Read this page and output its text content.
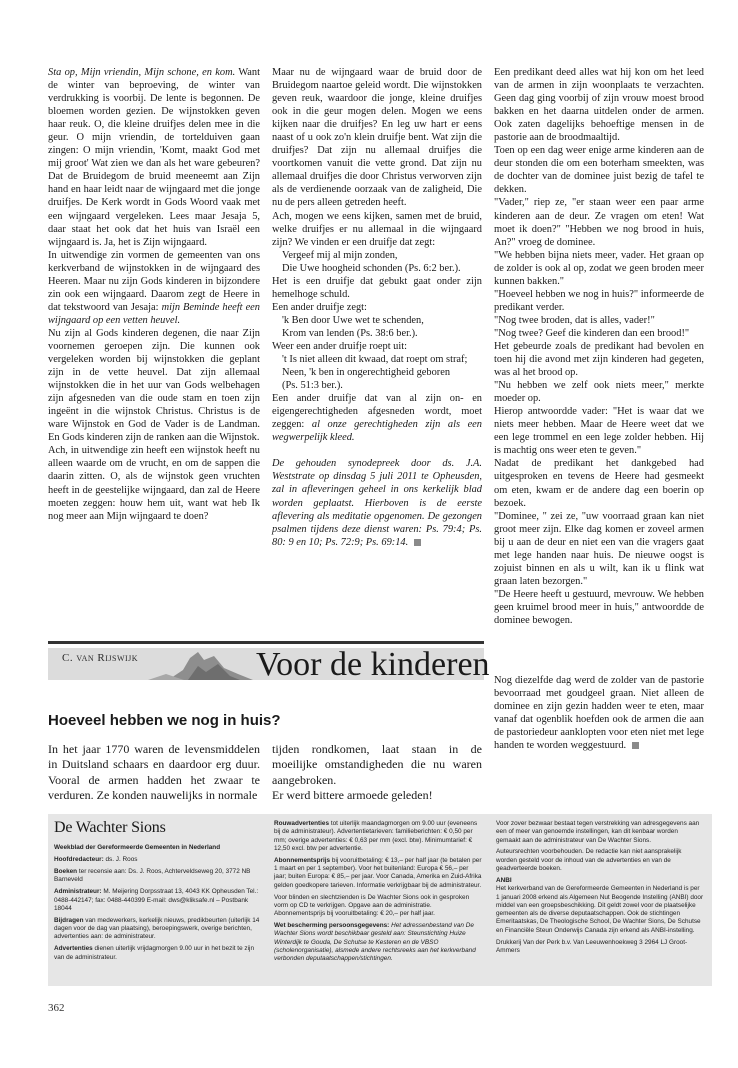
Sta op, Mijn vriendin, Mijn schone, en kom. Want de winter van beproeving, de winter van verdrukking is voorbij. De lente is begonnen. De bloemen worden gezien. De wijnstokken geven haar reuk. O, die kleine druifjes delen mee in die geur. O mijn vriendin, de tortelduiven gaan zingen: O mijn vriendin, 'Komt, maakt God met mij groot' Wat zien we dan als het ware gebeuren? Dat de Bruidegom de bruid meeneemt aan Zijn hand en haar leidt naar de wijngaard met die jonge druifjes. De Kerk wordt in Gods Woord vaak met een wijngaard vergeleken. Lees maar Jesaja 5, daar staat het ook dat het huis van Israël een wijngaard is. Ja, het is Zijn wijngaard.

In uitwendige zin vormen de gemeenten van ons kerkverband de wijnstokken in de wijngaard des Heeren. Maar nu zijn Gods kinderen in bijzondere zin ook een wijngaard. Daarom zegt de Heere in dat tekstwoord van Jesaja: mijn Beminde heeft een wijngaard op een vetten heuvel.

Nu zijn al Gods kinderen degenen, die naar Zijn voornemen geroepen zijn. Die kunnen ook vergeleken worden bij wijnstokken die geplant zijn in de vette heuvel. Dat zijn allemaal wijnstokken die in het uur van Gods welbehagen zijn afgesneden van die oude stam en toen zijn ingeënt in die wijnstok Christus. Christus is de ware Wijnstok en God de Vader is de Landman. En Gods kinderen zijn de ranken aan die Wijnstok.

Ach, in uitwendige zin heeft een wijnstok heeft nu alleen waarde om de vrucht, en om de sappen die daarin zitten. O, als de wijnstok geen vruchten heeft in de geestelijke wijngaard, dan zal de Heere moeten zeggen: houw hem uit, want wat heb Ik nog meer aan Mijn wijngaard te doen?

Maar nu de wijngaard waar de bruid door de Bruidegom naartoe geleid wordt. Die wijnstokken geven reuk, waardoor die jonge, kleine druifjes ook in die geur mogen delen. Mogen we eens kijken naar die druifjes? En leg uw hart er eens naast of u ook zo'n klein druifje bent. Wat zijn die druifjes? Dat zijn nu allemaal druifjes die voortkomen vanuit die vette grond. Dat zijn nu allemaal druifjes die door Christus verworven zijn als de verdienende oorzaak van de zaligheid, Die nu de pers alleen getreden heeft.

Ach, mogen we eens kijken, samen met de bruid, welke druifjes er nu allemaal in die wijngaard zijn? We vinden er een druifje dat zegt:

Vergeef mij al mijn zonden,

Die Uwe hoogheid schonden (Ps. 6:2 ber.).

Het is een druifje dat gebukt gaat onder zijn hemelhoge schuld.

Een ander druifje zegt:

'k Ben door Uwe wet te schenden,

Krom van lenden (Ps. 38:6 ber.).

Weer een ander druifje roept uit:

't Is niet alleen dit kwaad, dat roept om straf;

Neen, 'k ben in ongerechtigheid geboren

(Ps. 51:3 ber.).

Een ander druifje dat van al zijn on- en eigengerechtigheden afgesneden wordt, moet zeggen: al onze gerechtigheden zijn als een wegwerpelijk kleed.

De gehouden synodepreek door ds. J.A. Weststrate op dinsdag 5 juli 2011 te Opheusden, zal in afleveringen geheel in ons kerkelijk blad worden geplaatst. Hierboven is de eerste aflevering als meditatie opgenomen. De gezongen psalmen tijdens deze dienst waren: Ps. 79:4; Ps. 80: 9 en 10; Ps. 72:9; Ps. 69:14.

Een predikant deed alles wat hij kon om het leed van de armen in zijn woonplaats te verzachten. Geen dag ging voorbij of zijn vrouw moest brood bakken en het daarna uitdelen onder de armen. Ook zaten dagelijks behoeftige mensen in de pastorie aan de broodmaaltijd.

Toen op een dag weer enige arme kinderen aan de deur stonden die om een boterham smeekten, was de dochter van de dominee juist bezig de tafel te dekken.

"Vader," riep ze, "er staan weer een paar arme kinderen aan de deur. Ze vragen om eten! Wat moet ik doen?" "Hebben we nog brood in huis, An?" vroeg de dominee.

"We hebben bijna niets meer, vader. Het graan op de zolder is ook al op, zodat we geen broden meer kunnen bakken."

"Hoeveel hebben we nog in huis?" informeerde de predikant verder.

"Nog twee broden, dat is alles, vader!"

"Nog twee? Geef die kinderen dan een brood!"

Het gebeurde zoals de predikant had bevolen en toen hij die avond met zijn kinderen had gegeten, was al het brood op.

"Nu hebben we zelf ook niets meer," merkte moeder op.

Hierop antwoordde vader: "Het is waar dat we niets meer hebben. Maar de Heere weet dat we een lege trommel en een lege zolder hebben. Hij is machtig ons weer eten te geven."

Nadat de predikant het dankgebed had uitgesproken en tevens de Heere had gesmeekt om eten, kwam er de andere dag een boerin op bezoek.

"Dominee, " zei ze, "uw voorraad graan kan niet groot meer zijn. Elke dag komen er zoveel armen bij u aan de deur en niet een van die vragers gaat met lege handen naar huis. De nieuwe oogst is zojuist binnen en als u wilt, kan ik u flink wat graan laten bezorgen."

"De Heere heeft u gestuurd, mevrouw. We hebben geen kruimel brood meer in huis," antwoordde de dominee bewogen.

Nog diezelfde dag werd de zolder van de pastorie bevoorraad met goudgeel graan. Niet alleen de dominee en zijn gezin hadden weer te eten, maar vanaf dat ogenblik hoefden ook de armen die aan de pastoriedeur aanklopten voor eten niet met lege handen te worden weggestuurd.

C. van Rijswijk	Voor de kinderen
Hoeveel hebben we nog in huis?

In het jaar 1770 waren de levensmiddelen in Duitsland schaars en daardoor erg duur. Vooral de armen hadden het zwaar te verduren. Ze konden nauwelijks in normale

tijden rondkomen, laat staan in de moeilijke omstandigheden die nu waren aangebroken.

Er werd bittere armoede geleden!

De Wachter Sions

Weekblad der Gereformeerde Gemeenten in Nederland

Hoofdredacteur: ds. J. Roos

Boeken ter recensie aan: Ds. J. Roos, Achterveldseweg 20, 3772 NB Barneveld

Administrateur: M. Meijering Dorpsstraat 13, 4043 KK Opheusden Tel.: 0488-442147; fax: 0488-440399 E-mail: dws@kliksafe.nl – Postbank 18044

Bijdragen van medewerkers, kerkelijk nieuws, predikbeurten (uiterlijk 14 dagen voor de dag van plaatsing), beroepingswerk, overige berichten, advertenties aan: de administrateur.

Advertenties dienen uiterlijk vrijdagmorgen 9.00 uur in het bezit te zijn van de administrateur.

Rouwadvertenties tot uiterlijk maandagmorgen om 9.00 uur (eveneens bij de administrateur). Advertentietarieven: familieberichten: € 0,50 per mm; overige advertenties: € 0,63 per mm (excl. btw). Minimumtarief: € 12,50 excl. btw per advertentie.

Abonnementsprijs bij vooruitbetaling: € 13,– per half jaar (te betalen per 1 maart en per 1 september). Voor het buitenland: Europa € 56,– per jaar; buiten Europa: € 85,– per jaar. Voor Canada, Amerika en Zuid-Afrika gelden goedkopere tarieven. Informatie verkrijgbaar bij de administrateur.

Voor blinden en slechtzienden is De Wachter Sions ook in gesproken vorm op CD te verkrijgen. Opgave aan de administratie. Abonnementsprijs bij vooruitbetaling: € 20,– per half jaar.

Wet bescherming persoonsgegevens: Het adressenbestand van De Wachter Sions wordt beschikbaar gesteld aan: Steunstichting Huize Winterdijk te Gouda, De Schutse te Kesteren en de VBSO (scholenorganisatie), alsmede andere rechtsreeks aan het kerkverband verbonden deputaatschappen/stichtingen.

Voor zover bezwaar bestaat tegen verstrekking van adresgegevens aan een of meer van genoemde instellingen, kan dit kenbaar worden gemaakt aan de administrateur van De Wachter Sions.

Auteursrechten voorbehouden. De redactie kan niet aansprakelijk worden gesteld voor de inhoud van de advertenties en van de geadverteerde boeken.

ANBI
Het kerkverband van de Gereformeerde Gemeenten in Nederland is per 1 januari 2008 erkend als Algemeen Nut Beogende Instelling (ANBI) door middel van een groepsbeschikking. Dit geldt zowel voor de plaatselijke gemeenten als de diverse deputaatschappen. Ook de stichtingen Emeritaatskas, De Theologische School, De Wachter Sions, De Schutse en Financiële Steun Onderwijs Canada zijn erkend als ANBI-instelling.

Drukkerij Van der Perk b.v. Van Leeuwenhoekweg 3 2964 LJ Groot-Ammers

362
